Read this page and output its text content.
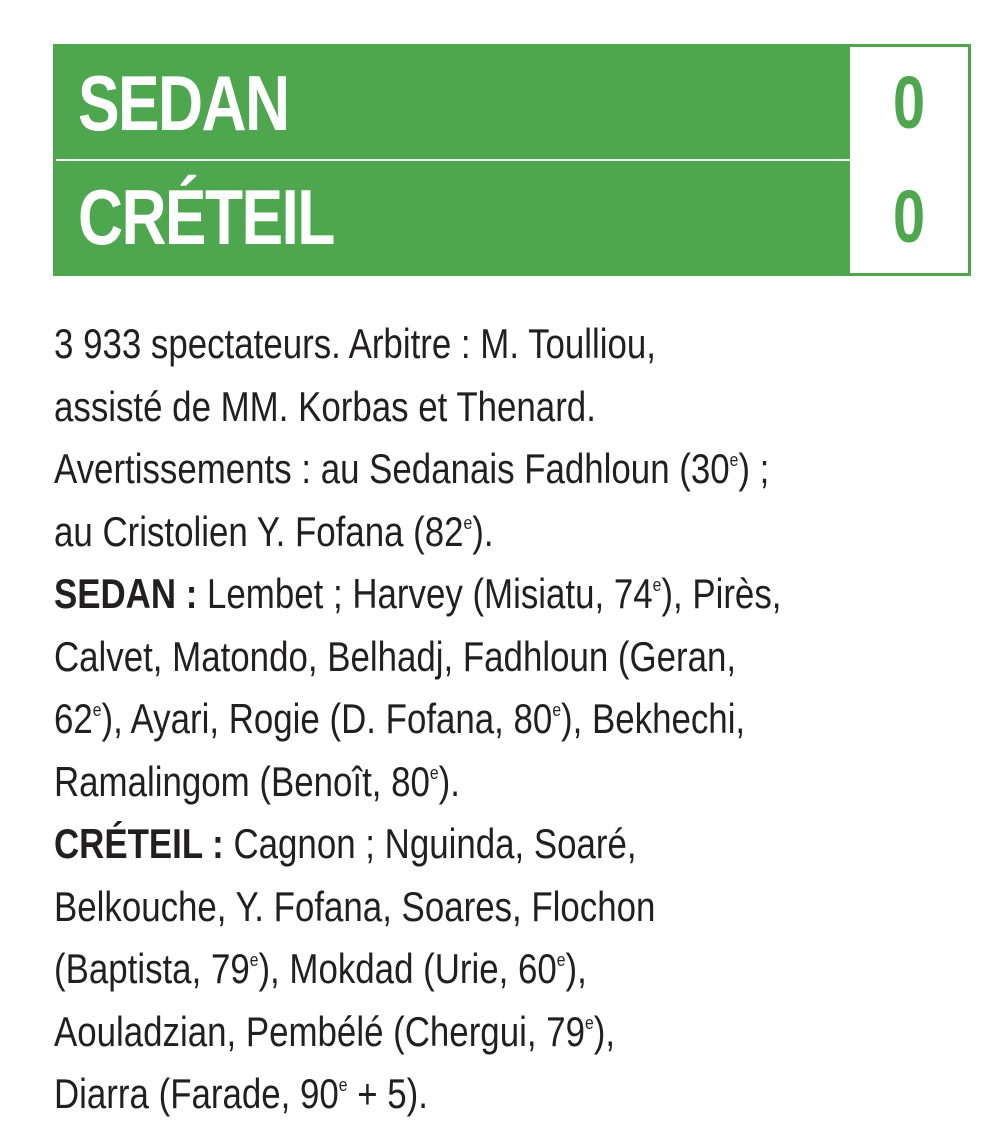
SEDAN	0
CRÉTEIL	0
3 933 spectateurs. Arbitre : M. Toulliou,
assisté de MM. Korbas et Thenard.
Avertissements : au Sedanais Fadhloun (30e) ;
au Cristolien Y. Fofana (82e).
SEDAN : Lembet ; Harvey (Misiatu, 74e), Pirès,
Calvet, Matondo, Belhadj, Fadhloun (Geran,
62e), Ayari, Rogie (D. Fofana, 80e), Bekhechi,
Ramalingom (Benoît, 80e).
CRÉTEIL : Cagnon ; Nguinda, Soaré,
Belkouche, Y. Fofana, Soares, Flochon
(Baptista, 79e), Mokdad (Urie, 60e),
Aouladzian, Pembélé (Chergui, 79e),
Diarra (Farade, $90^e + 5$).
